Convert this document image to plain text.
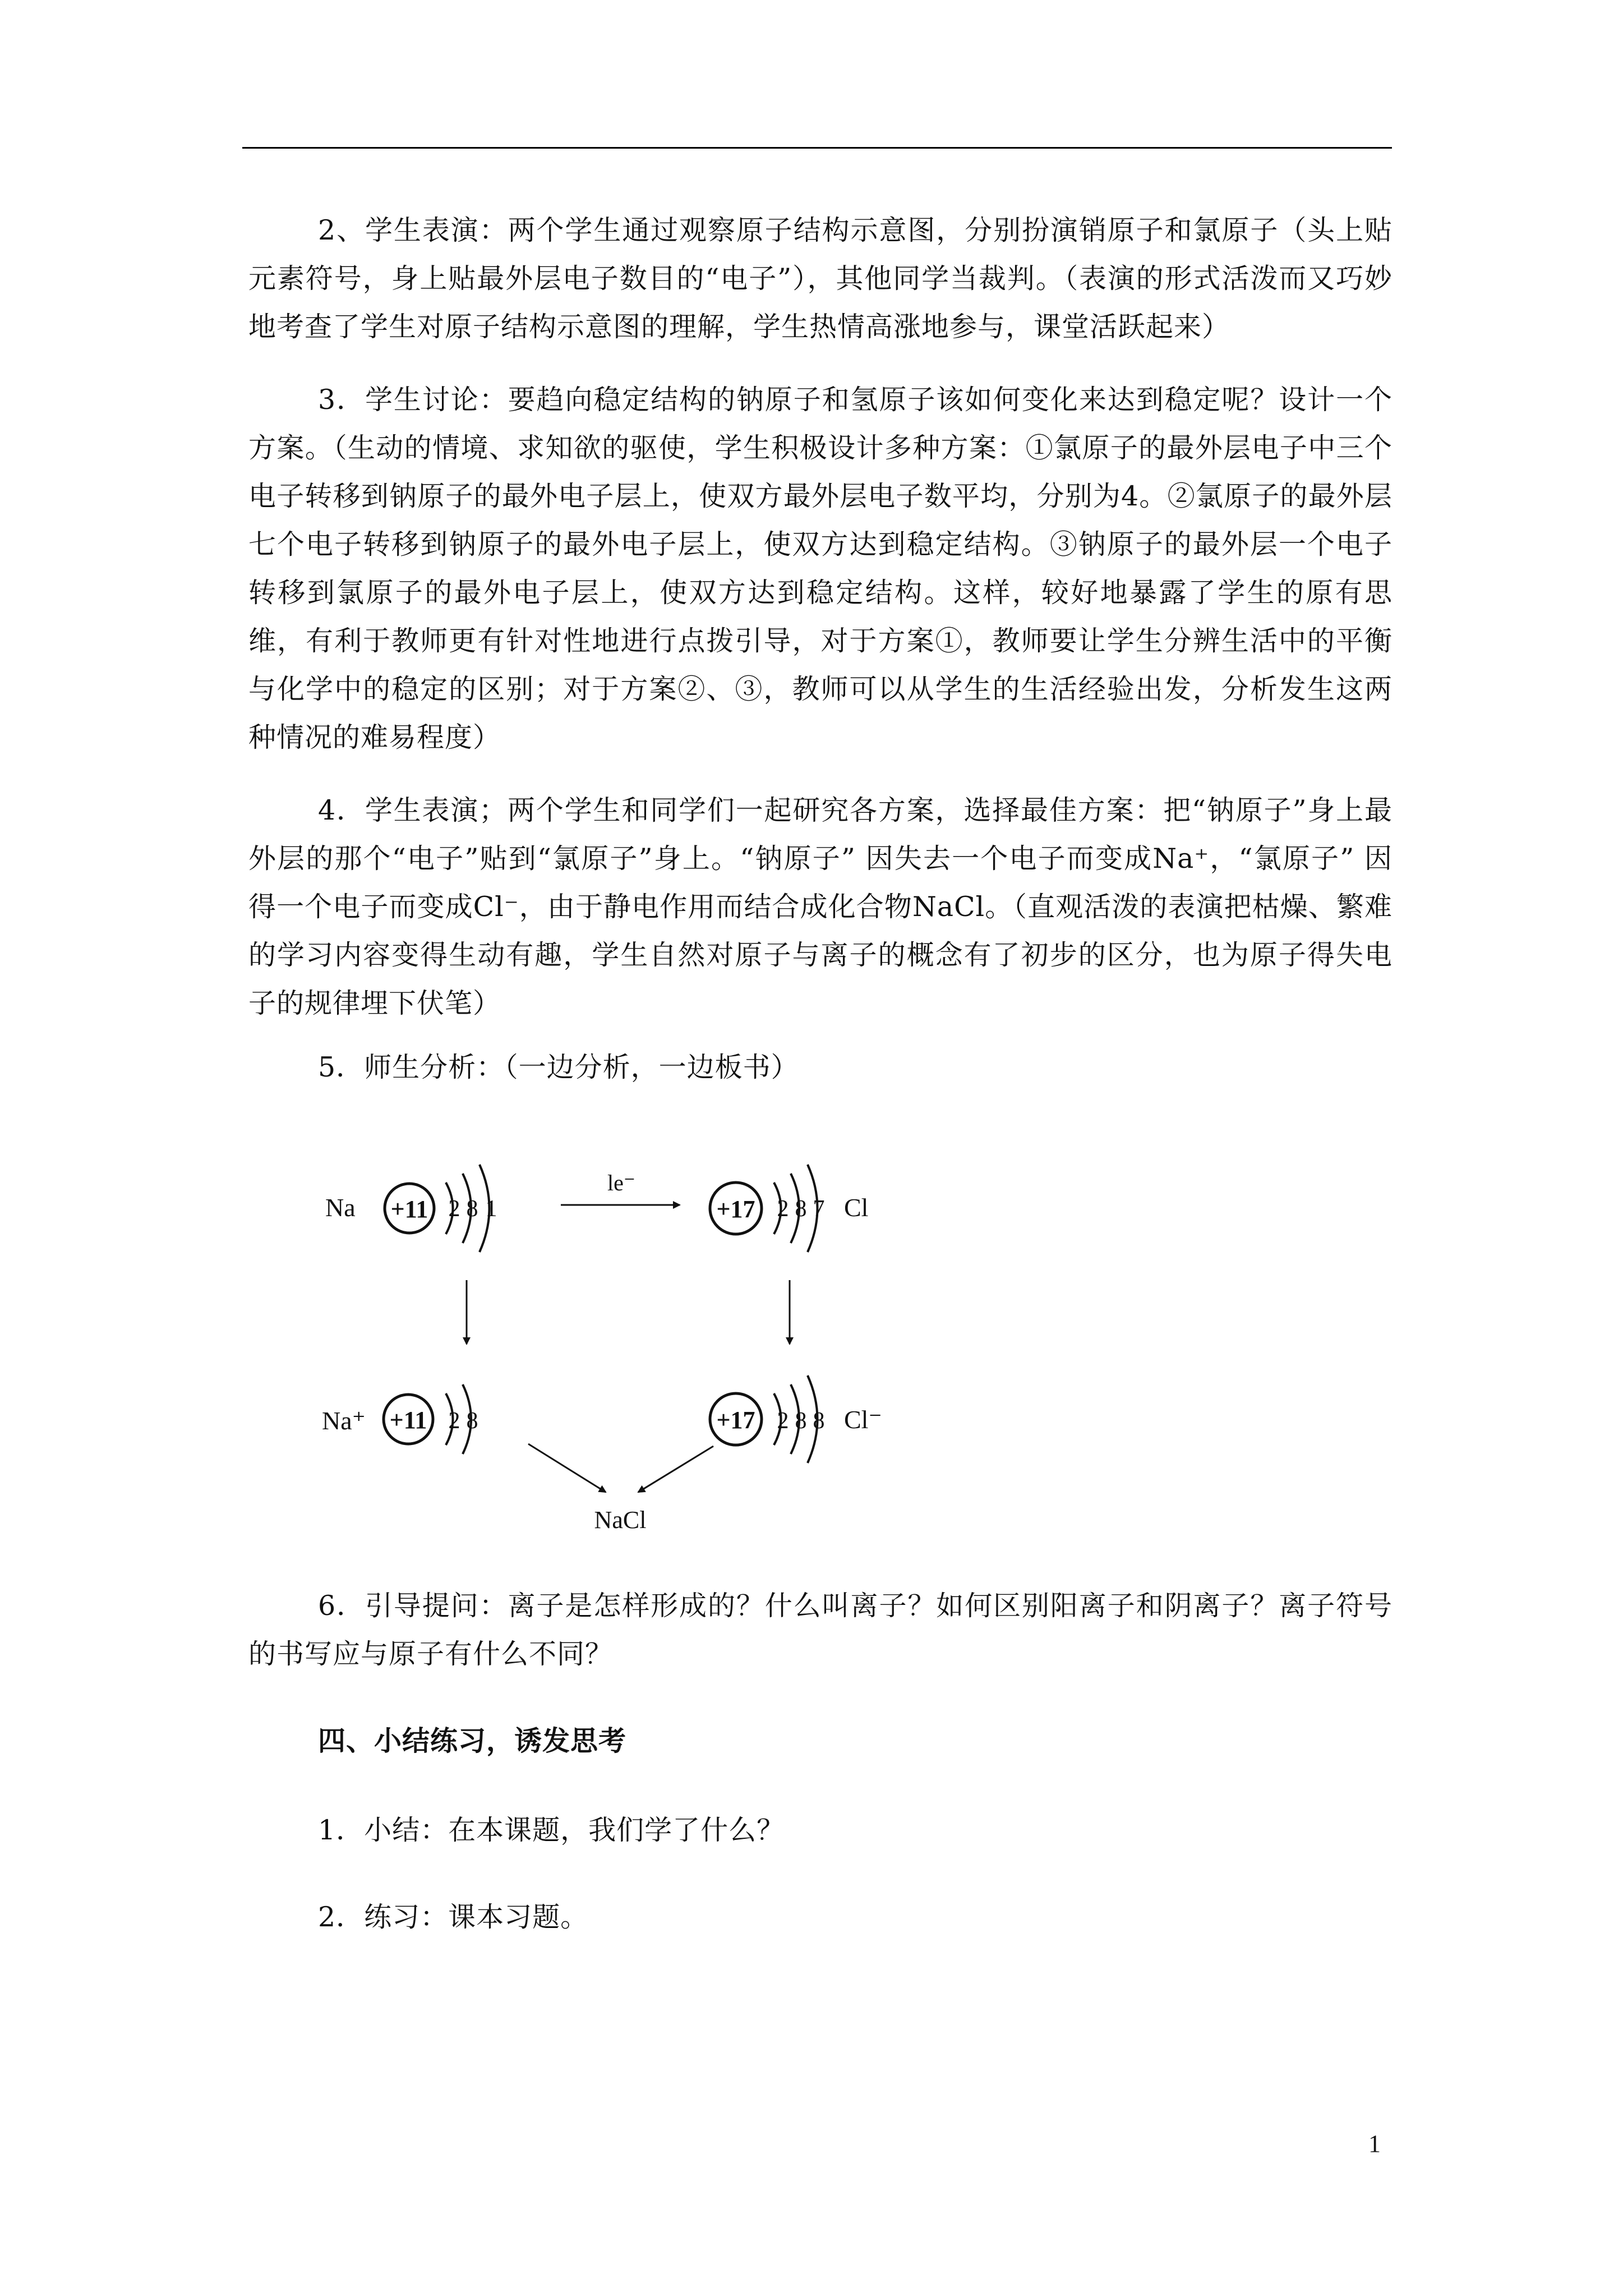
2、学生表演：两个学生通过观察原子结构示意图，分别扮演销原子和氯原子（头上贴元素符号，身上贴最外层电子数目的“电子”），其他同学当裁判。（表演的形式活泼而又巧妙地考查了学生对原子结构示意图的理解，学生热情高涨地参与，课堂活跃起来）

3．学生讨论：要趋向稳定结构的钠原子和氢原子该如何变化来达到稳定呢？设计一个方案。（生动的情境、求知欲的驱使，学生积极设计多种方案：①氯原子的最外层电子中三个电子转移到钠原子的最外电子层上，使双方最外层电子数平均，分别为4。②氯原子的最外层七个电子转移到钠原子的最外电子层上，使双方达到稳定结构。③钠原子的最外层一个电子转移到氯原子的最外电子层上，使双方达到稳定结构。这样，较好地暴露了学生的原有思维，有利于教师更有针对性地进行点拨引导，对于方案①，教师要让学生分辨生活中的平衡与化学中的稳定的区别；对于方案②、③，教师可以从学生的生活经验出发，分析发生这两种情况的难易程度）

4．学生表演；两个学生和同学们一起研究各方案，选择最佳方案：把“钠原子”身上最外层的那个“电子”贴到“氯原子”身上。“钠原子” 因失去一个电子而变成Na⁺，“氯原子” 因得一个电子而变成Cl⁻，由于静电作用而结合成化合物NaCl。（直观活泼的表演把枯燥、繁难的学习内容变得生动有趣，学生自然对原子与离子的概念有了初步的区分，也为原子得失电子的规律埋下伏笔）

5．师生分析：（一边分析，一边板书）

Na +11 2 8 1
le⁻
+17 2 8 7 Cl
Na⁺ +11 2 8	+17 2 8 8 Cl⁻
NaCl

6．引导提问：离子是怎样形成的？什么叫离子？如何区别阳离子和阴离子？离子符号的书写应与原子有什么不同？

四、小结练习，诱发思考

1．小结：在本课题，我们学了什么？

2．练习：课本习题。

1
